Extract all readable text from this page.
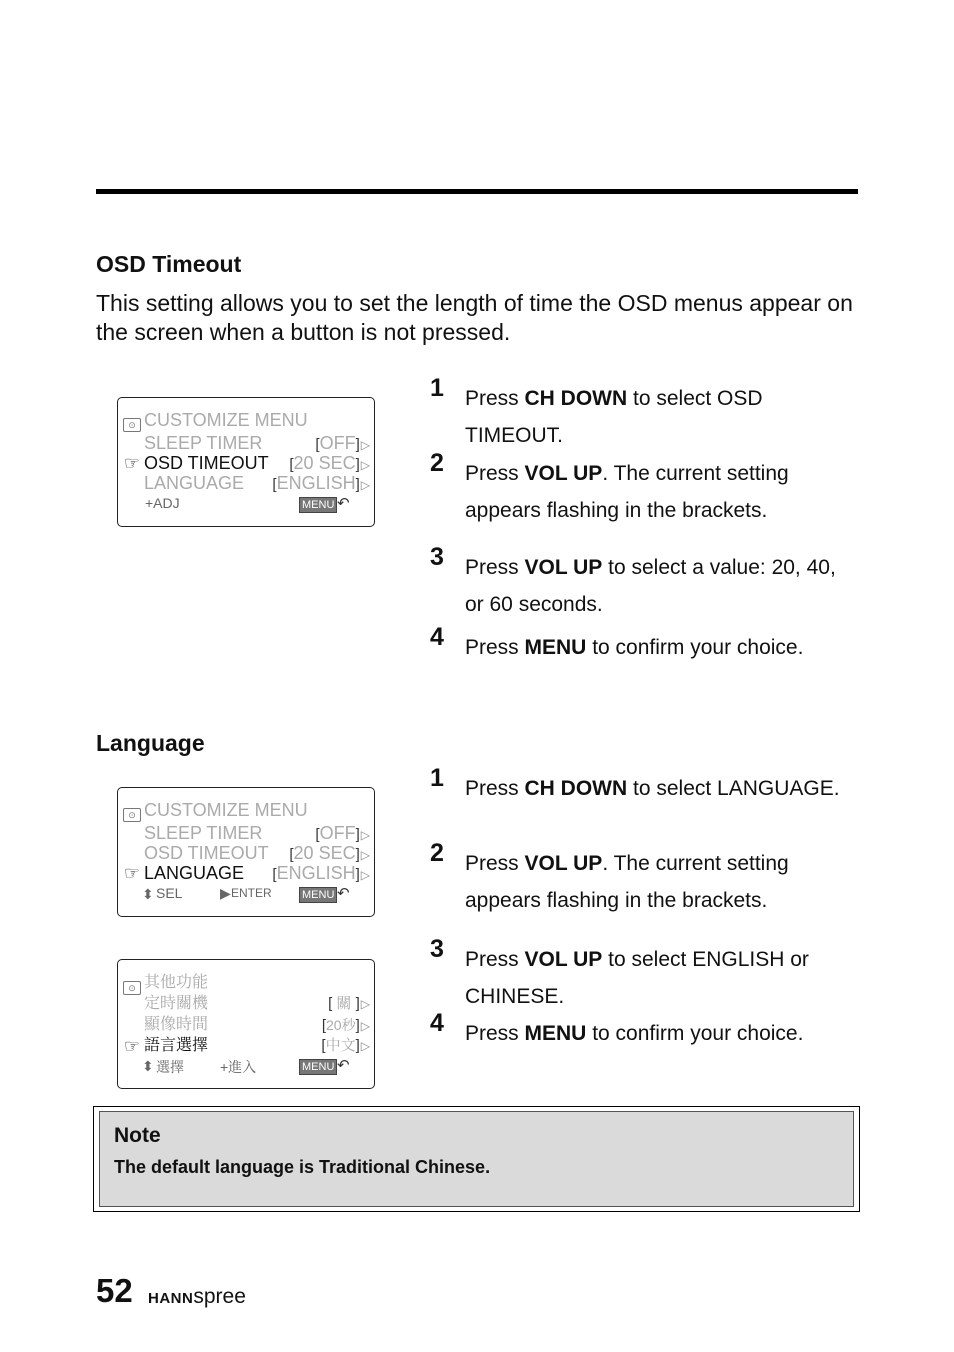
OSD Timeout

This setting allows you to set the length of time the OSD menus appear on the screen when a button is not pressed.

⊙ CUSTOMIZE MENU
SLEEP TIMER	[OFF]▷
☞ OSD TIMEOUT [20 SEC]▷
LANGUAGE [ENGLISH]▷
+ADJ	MENU ↶
1 Press CH DOWN to select OSD TIMEOUT.
2 Press VOL UP. The current setting appears flashing in the brackets.
3 Press VOL UP to select a value: 20, 40, or 60 seconds.
4 Press MENU to confirm your choice.
Language
⊙ CUSTOMIZE MENU
SLEEP TIMER	[OFF]▷
OSD TIMEOUT [20 SEC]▷
☞ LANGUAGE [ENGLISH]▷
⬍ SEL	▶ ENTER	MENU ↶
⊙ 其他功能
定時關機	[ 關 ]▷
顯像時間	[20秒]▷
☞ 語言選擇	[中文]▷
⬍ 選擇	+進入	MENU ↶
1 Press CH DOWN to select LANGUAGE.
2 Press VOL UP. The current setting appears flashing in the brackets.
3 Press VOL UP to select ENGLISH or CHINESE.
4 Press MENU to confirm your choice.
Note
The default language is Traditional Chinese.
52 HANNspree
